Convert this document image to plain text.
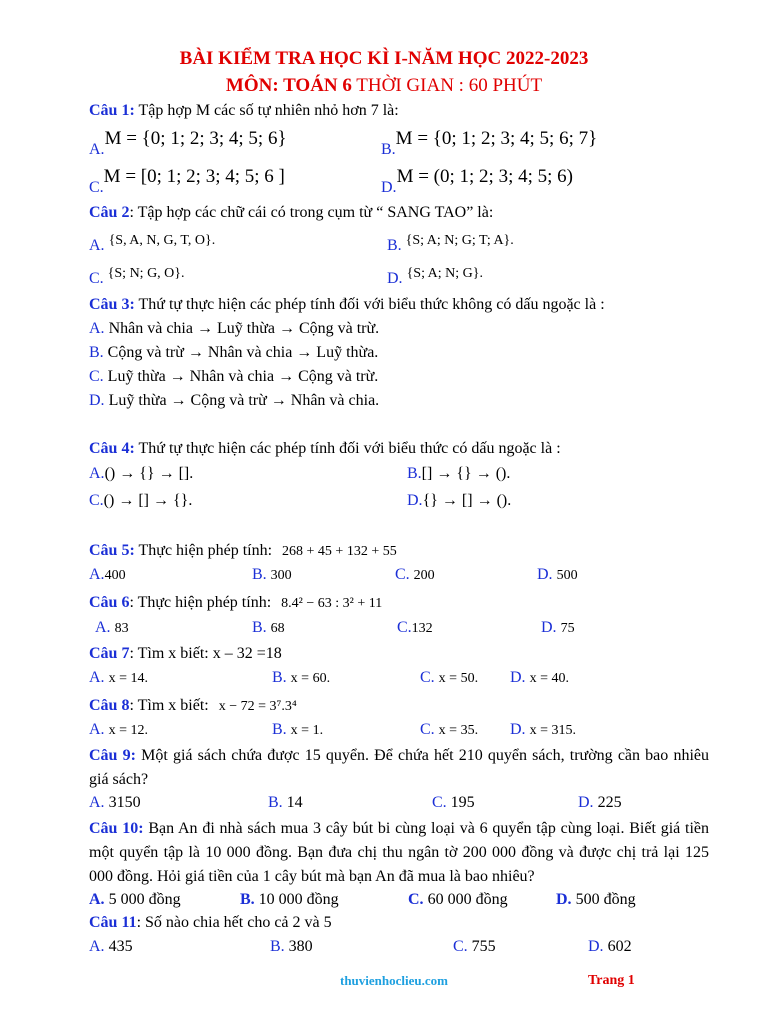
BÀI KIỂM TRA HỌC KÌ I-NĂM HỌC 2022-2023
MÔN: TOÁN 6 THỜI GIAN : 60 PHÚT
Câu 1: Tập hợp M các số tự nhiên nhỏ hơn 7 là:
A.M = {0; 1; 2; 3; 4; 5; 6}
B.M = {0; 1; 2; 3; 4; 5; 6; 7}
C.M = [0; 1; 2; 3; 4; 5; 6 ]
D.M = (0; 1; 2; 3; 4; 5; 6)
Câu 2: Tập hợp các chữ cái có trong cụm từ “ SANG TAO” là:
A. {S, A, N, G, T, O}.	B. {S; A; N; G; T; A}.
C. {S; N; G, O}.	D. {S; A; N; G}.
Câu 3: Thứ tự thực hiện các phép tính đối với biểu thức không có dấu ngoặc là :
A. Nhân và chia → Luỹ thừa → Cộng và trừ.
B. Cộng và trừ → Nhân và chia → Luỹ thừa.
C. Luỹ thừa → Nhân và chia → Cộng và trừ.
D. Luỹ thừa → Cộng và trừ → Nhân và chia.
Câu 4: Thứ tự thực hiện các phép tính đối với biểu thức có dấu ngoặc là :
A.() → {} → [].	B.[] → {} → ().
C.() → [] → {}.	D.{} → [] → ().
Câu 5: Thực hiện phép tính: 268 + 45 + 132 + 55
A.400	B. 300	C. 200	D. 500
Câu 6: Thực hiện phép tính: 8.4² − 63 : 3² + 11
A. 83	B. 68	C.132	D. 75
Câu 7: Tìm x biết: x – 32 =18
A. x = 14.	B. x = 60.	C. x = 50. D. x = 40.
Câu 8: Tìm x biết: x − 72 = 3⁷.3⁴
A. x = 12.	B. x = 1.	C. x = 35. D. x = 315.
Câu 9: Một giá sách chứa được 15 quyển. Để chứa hết 210 quyển sách, trường cần bao nhiêu giá sách?
A. 3150	B. 14	C. 195	D. 225
Câu 10: Bạn An đi nhà sách mua 3 cây bút bi cùng loại và 6 quyển tập cùng loại. Biết giá tiền một quyển tập là 10 000 đồng. Bạn đưa chị thu ngân tờ 200 000 đồng và được chị trả lại 125 000 đồng. Hỏi giá tiền của 1 cây bút mà bạn An đã mua là bao nhiêu?
A. 5 000 đồng	B. 10 000 đồng	C. 60 000 đồng	D. 500 đồng
Câu 11: Số nào chia hết cho cả 2 và 5
A. 435	B. 380	C. 755	D. 602
thuvienhoclieu.com	Trang 1
